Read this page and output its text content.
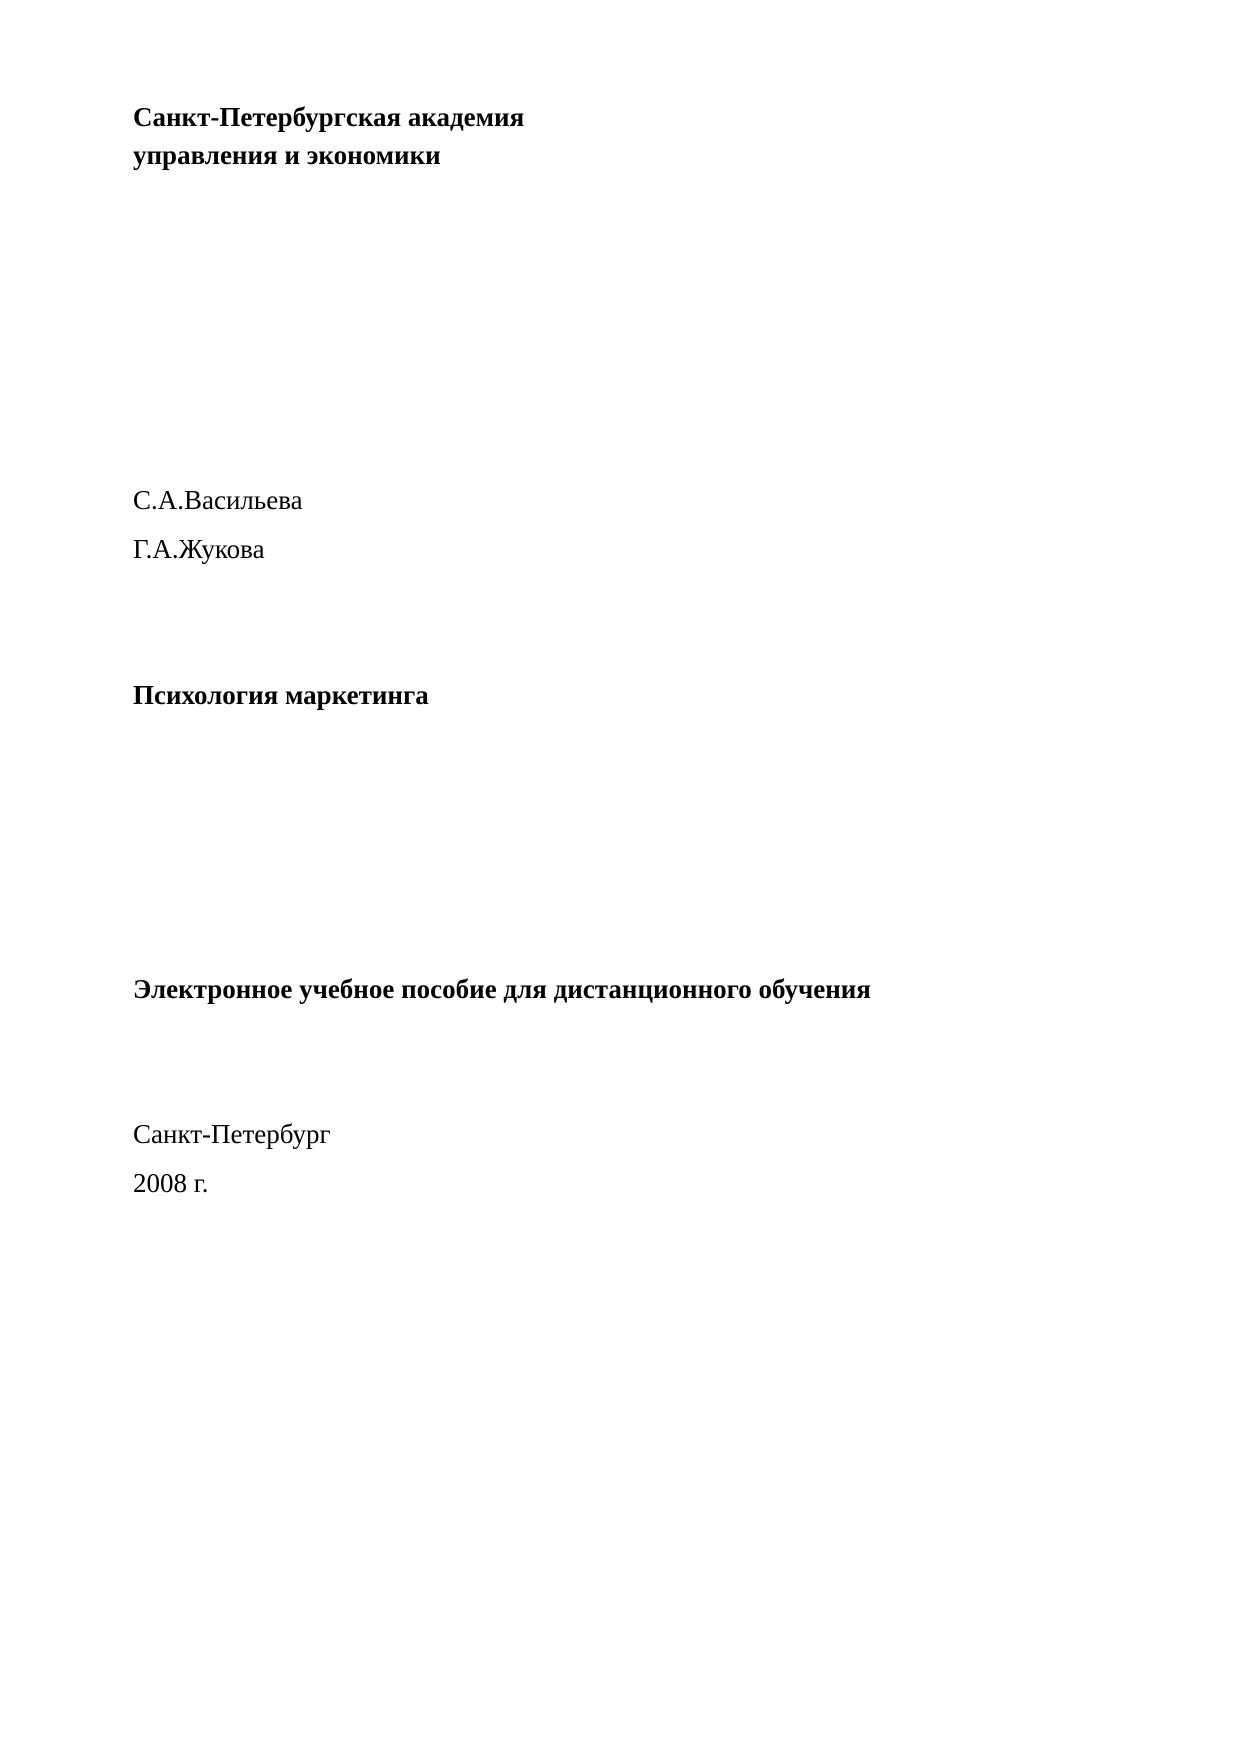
Санкт-Петербургская академия

управления и экономики

С.А.Васильева

Г.А.Жукова

Психология маркетинга

Электронное учебное пособие для дистанционного обучения

Санкт-Петербург

2008 г.
